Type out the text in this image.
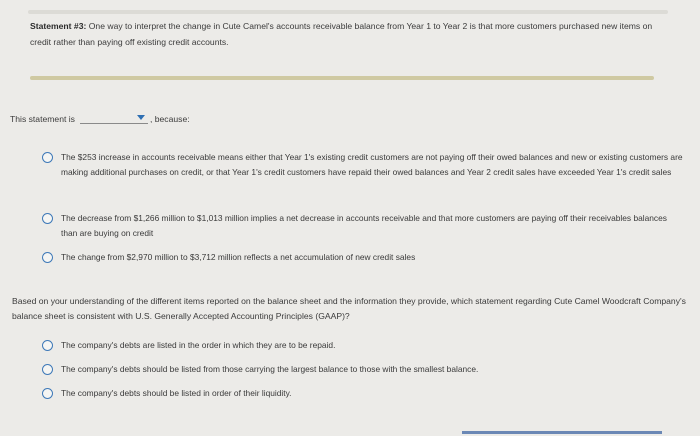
Statement #3: One way to interpret the change in Cute Camel's accounts receivable balance from Year 1 to Year 2 is that more customers purchased new items on credit rather than paying off existing credit accounts.

This statement is	, because:
The $253 increase in accounts receivable means either that Year 1's existing credit customers are not paying off their owed balances and new or existing customers are making additional purchases on credit, or that Year 1's credit customers have repaid their owed balances and Year 2 credit sales have exceeded Year 1's credit sales
The decrease from $1,266 million to $1,013 million implies a net decrease in accounts receivable and that more customers are paying off their receivables balances than are buying on credit
The change from $2,970 million to $3,712 million reflects a net accumulation of new credit sales

Based on your understanding of the different items reported on the balance sheet and the information they provide, which statement regarding Cute Camel Woodcraft Company's balance sheet is consistent with U.S. Generally Accepted Accounting Principles (GAAP)?

The company's debts are listed in the order in which they are to be repaid.
The company's debts should be listed from those carrying the largest balance to those with the smallest balance.
The company's debts should be listed in order of their liquidity.
